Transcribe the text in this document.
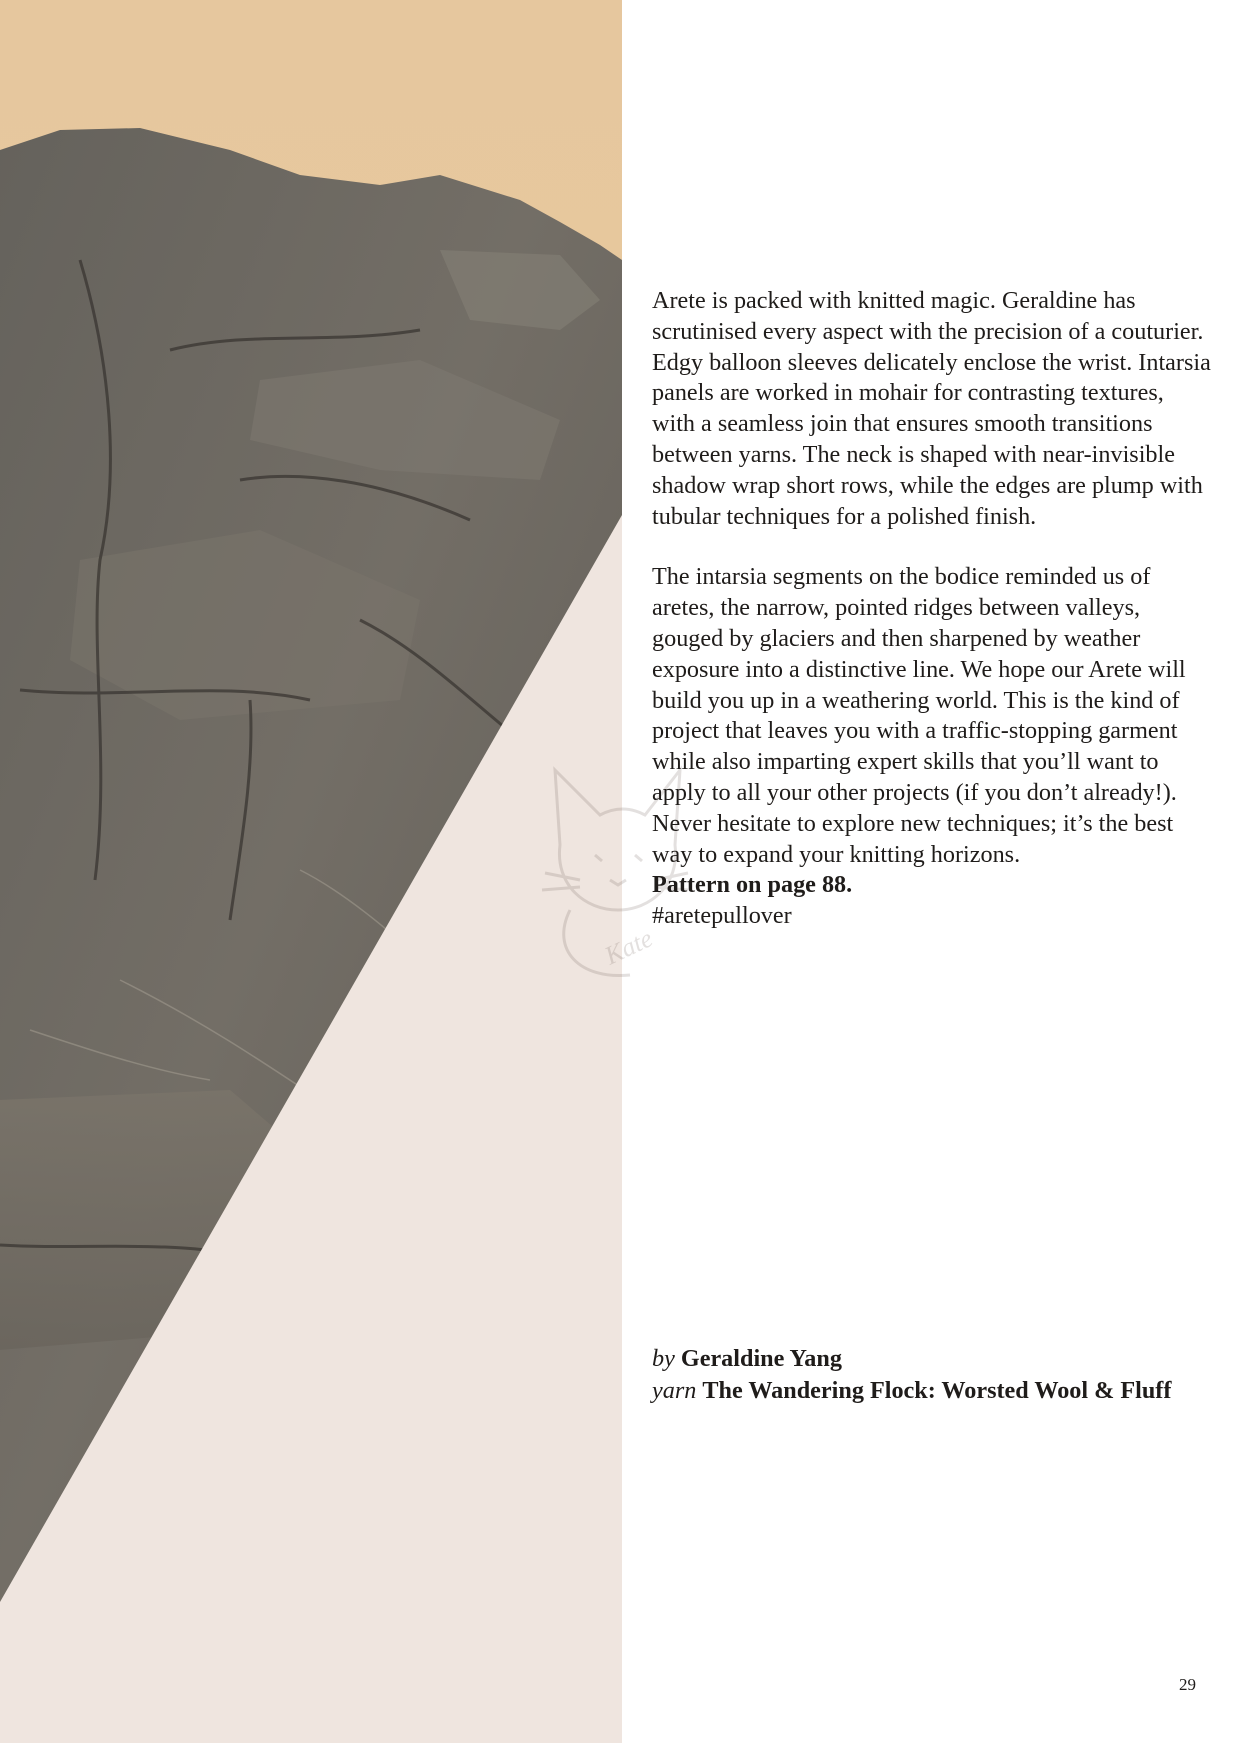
Kate

Arete is packed with knitted magic. Geraldine has scrutinised every aspect with the precision of a couturier. Edgy balloon sleeves delicately enclose the wrist. Intarsia panels are worked in mohair for contrasting textures, with a seamless join that ensures smooth transitions between yarns. The neck is shaped with near-invisible shadow wrap short rows, while the edges are plump with tubular techniques for a polished finish.

The intarsia segments on the bodice reminded us of aretes, the narrow, pointed ridges between valleys, gouged by glaciers and then sharpened by weather exposure into a distinctive line. We hope our Arete will build you up in a weathering world. This is the kind of project that leaves you with a traffic-stopping garment while also imparting expert skills that you’ll want to apply to all your other projects (if you don’t already!). Never hesitate to explore new techniques; it’s the best way to expand your knitting horizons.

Pattern on page 88.

#aretepullover

by Geraldine Yang
yarn The Wandering Flock: Worsted Wool & Fluff
29
